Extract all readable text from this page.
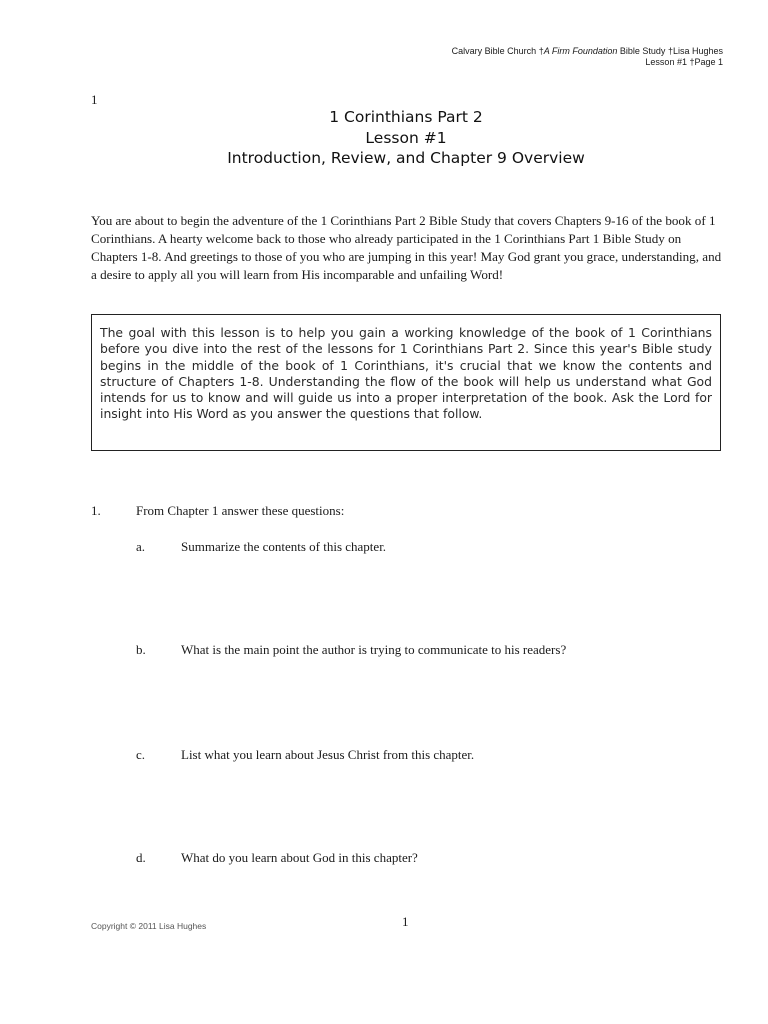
Calvary Bible Church †A Firm Foundation Bible Study †Lisa Hughes
Lesson #1 †Page 1
1
1 Corinthians Part 2
Lesson #1
Introduction, Review, and Chapter 9 Overview
You are about to begin the adventure of the 1 Corinthians Part 2 Bible Study that covers Chapters 9-16 of the book of 1 Corinthians. A hearty welcome back to those who already participated in the 1 Corinthians Part 1 Bible Study on Chapters 1-8. And greetings to those of you who are jumping in this year! May God grant you grace, understanding, and a desire to apply all you will learn from His incomparable and unfailing Word!
The goal with this lesson is to help you gain a working knowledge of the book of 1 Corinthians before you dive into the rest of the lessons for 1 Corinthians Part 2. Since this year's Bible study begins in the middle of the book of 1 Corinthians, it's crucial that we know the contents and structure of Chapters 1-8. Understanding the flow of the book will help us understand what God intends for us to know and will guide us into a proper interpretation of the book. Ask the Lord for insight into His Word as you answer the questions that follow.
1.	From Chapter 1 answer these questions:
a.	Summarize the contents of this chapter.
b.	What is the main point the author is trying to communicate to his readers?
c.	List what you learn about Jesus Christ from this chapter.
d.	What do you learn about God in this chapter?
Copyright © 2011 Lisa Hughes	1
